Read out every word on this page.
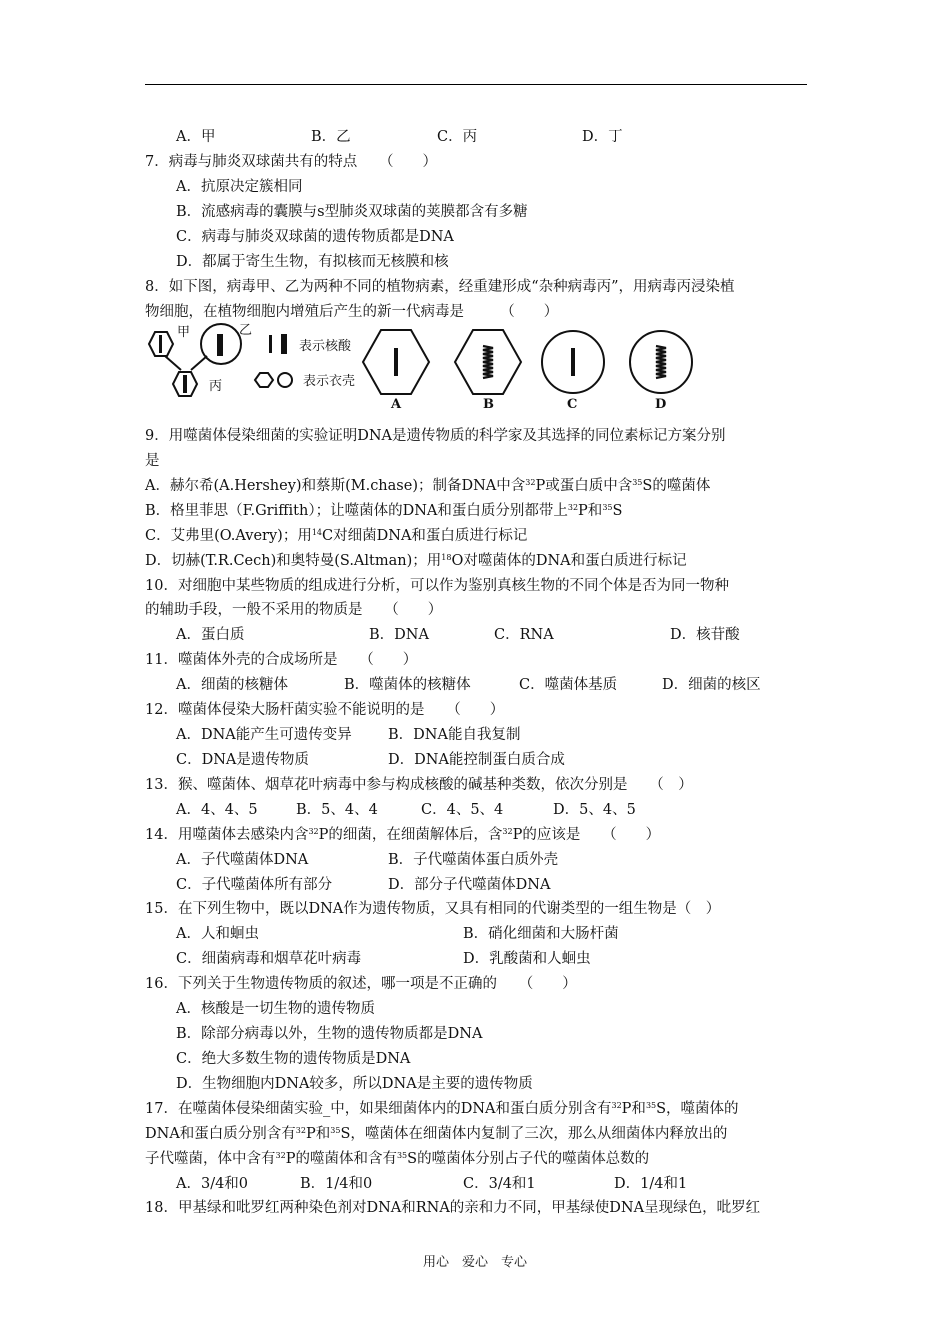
A．甲	B．乙	C．丙	D．丁
7．病毒与肺炎双球菌共有的特点　　（　　）
A．抗原决定簇相同
B．流感病毒的囊膜与s型肺炎双球菌的荚膜都含有多糖
C．病毒与肺炎双球菌的遗传物质都是DNA
D．都属于寄生生物，有拟核而无核膜和核
8．如下图，病毒甲、乙为两种不同的植物病素，经重建形成“杂种病毒丙”，用病毒丙浸染植
物细胞，在植物细胞内增殖后产生的新一代病毒是　　　（　　）
甲	乙
丙
表示核酸
表示衣壳
A	B	C	D
9．用噬菌体侵染细菌的实验证明DNA是遗传物质的科学家及其选择的同位素标记方案分别
是
A．赫尔希(A.Hershey)和蔡斯(M.chase)；制备DNA中含$^{32}$P或蛋白质中含$^{35}$S的噬菌体
B．格里菲思（F.Griffith）；让噬菌体的DNA和蛋白质分别都带上$^{32}$P和$^{35}$S
C．艾弗里(O.Avery)；用$^{14}$C对细菌DNA和蛋白质进行标记
D．切赫(T.R.Cech)和奥特曼(S.Altman)；用$^{18}$O对噬菌体的DNA和蛋白质进行标记
10．对细胞中某些物质的组成进行分析，可以作为鉴别真核生物的不同个体是否为同一物种
的辅助手段，一般不采用的物质是　　（　　）
A．蛋白质	B．DNA	C．RNA	D．核苷酸
11．噬菌体外壳的合成场所是　　（　　）
A．细菌的核糖体	B．噬菌体的核糖体	C．噬菌体基质	D．细菌的核区
12．噬菌体侵染大肠杆菌实验不能说明的是　　（　　）
A．DNA能产生可遗传变异 B．DNA能自我复制
C．DNA是遗传物质	D．DNA能控制蛋白质合成
13．猴、噬菌体、烟草花叶病毒中参与构成核酸的碱基种类数，依次分别是　　（　）
A．4、4、5	B．5、4、4	C．4、5、4	D．5、4、5
14．用噬菌体去感染内含$^{32}$P的细菌，在细菌解体后，含$^{32}$P的应该是　　（　　）
A．子代噬菌体DNA	B．子代噬菌体蛋白质外壳
C．子代噬菌体所有部分	D．部分子代噬菌体DNA
15．在下列生物中，既以DNA作为遗传物质，又具有相同的代谢类型的一组生物是（　）
A．人和蛔虫	B．硝化细菌和大肠杆菌
C．细菌病毒和烟草花叶病毒	D．乳酸菌和人蛔虫
16．下列关于生物遗传物质的叙述，哪一项是不正确的　　（　　）
A．核酸是一切生物的遗传物质
B．除部分病毒以外，生物的遗传物质都是DNA
C．绝大多数生物的遗传物质是DNA
D．生物细胞内DNA较多，所以DNA是主要的遗传物质
17．在噬菌体侵染细菌实验_中，如果细菌体内的DNA和蛋白质分别含有$^{32}$P和$^{35}$S，噬菌体的
DNA和蛋白质分别含有$^{32}$P和$^{35}$S，噬菌体在细菌体内复制了三次，那么从细菌体内释放出的
子代噬菌，体中含有$^{32}$P的噬菌体和含有$^{35}$S的噬菌体分别占子代的噬菌体总数的
A．3/4和0	B．1/4和0	C．3/4和1	D．1/4和1
18．甲基绿和吡罗红两种染色剂对DNA和RNA的亲和力不同，甲基绿使DNA呈现绿色，吡罗红
用心　爱心　专心
